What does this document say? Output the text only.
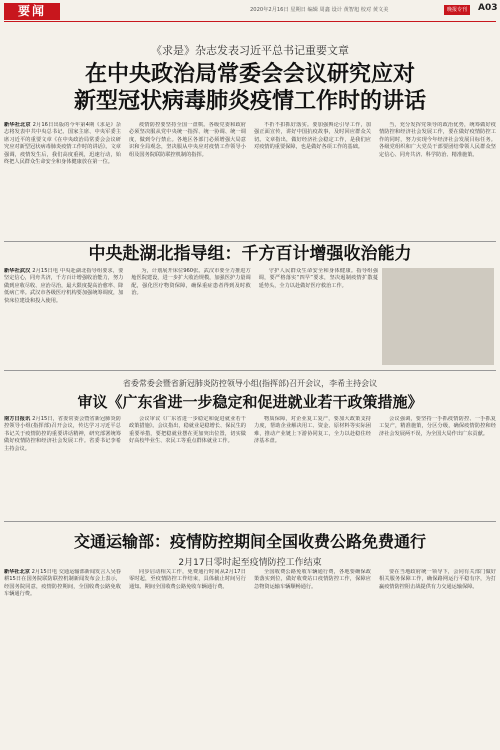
要闻	2020年2月16日 星期日 编辑 周鑫 设计 黄智旭 校对 黄文美	晚报专刊	A03
《求是》杂志发表习近平总书记重要文章
在中央政治局常委会会议研究应对
新型冠状病毒肺炎疫情工作时的讲话

新华社北京 2月16日出版的今年第4期《求是》杂志将发表中共中央总书记、国家主席、中央军委主席习近平的重要文章《在中央政治局常委会会议研究应对新型冠状病毒肺炎疫情工作时的讲话》。文章强调，疫情发生后，我们高度重视，迅速行动，始终把人民群众生命安全和身体健康放在第一位。

疫情防控要坚持全国一盘棋。各级党委和政府必须坚决服从党中央统一指挥、统一协调、统一调度，做到令行禁止。各地区各部门必须增强大局意识和全局观念，坚决服从中央应对疫情工作领导小组及国务院联防联控机制的指挥。

不折不扣抓好落实。要加强舆论引导工作，加强正面宣传，讲好中国抗疫故事，及时回应群众关切。文章指出，做好经济社会稳定工作，是我们应对疫情的重要保障，也是做好各项工作的基础。

当，充分发挥党领导的政治优势，统筹做好疫情防控和经济社会发展工作，要在做好疫情防控工作的同时，努力实现今年经济社会发展目标任务。各级党组织和广大党员干部要团结带领人民群众坚定信心、同舟共济、科学防治、精准施策。

中央赴湖北指导组：千方百计增强收治能力

新华社武汉 2月15日电 中央赴湖北指导组要求，要坚定信心，同舟共济，千方百计增强收治能力，努力做到应收尽收、应治尽治，最大限度提高治愈率、降低病亡率。武汉市各级医疗机构要加强统筹调度，加快床位建设和投入使用。

为，计划展开床位960张。武汉市要全力推进方舱医院建设，进一步扩大收治规模，加强医护力量调配，强化医疗物资保障，确保重症患者得到及时救治。

守护人民群众生命安全和身体健康。指导组强调，要严格落实“四早”要求，坚决遏制疫情扩散蔓延势头，全力以赴做好医疗救治工作。

省委常委会暨省新冠肺炎防控领导小组(指挥部)召开会议，李希主持会议
审议《广东省进一步稳定和促进就业若干政策措施》

南方日报讯 2月15日，省委常委会暨省新冠肺炎防控领导小组(指挥部)召开会议，传达学习习近平总书记关于疫情防控的重要讲话精神，研究部署统筹做好疫情防控和经济社会发展工作。省委书记李希主持会议。

会议审议《广东省进一步稳定和促进就业若干政策措施》。会议指出，稳就业是稳增长、保民生的重要举措，要把稳就业摆在更加突出位置，切实做好高校毕业生、农民工等重点群体就业工作。

物质保障，对企业复工复产，要加大政策支持力度，帮助企业解决用工、资金、原材料等实际困难，推动产业链上下游协同复工，全力以赴稳住经济基本盘。

会议强调，要坚持一手抓疫情防控、一手抓复工复产，精准施策，分区分级，确保疫情防控和经济社会发展两不误，为全国大局作出广东贡献。

交通运输部：疫情防控期间全国收费公路免费通行
2月17日零时起至疫情防控工作结束

新华社北京 2月15日电 交通运输部新闻发言人吴春耕15日在国务院联防联控机制新闻发布会上表示，经国务院同意，疫情防控期间，全国收费公路免收车辆通行费。

同步启动相关工作，免费通行时间从2月17日零时起，至疫情防控工作结束，具体截止时间另行通知。期间全国收费公路免收车辆通行费。

全国收费公路免收车辆通行费，各地要确保政策落实到位，做好收费站口疫情防控工作，保障应急物资运输车辆顺畅通行。

要在当地政府统一领导下，会同有关部门做好相关服务保障工作，确保路网运行平稳有序，为打赢疫情防控阻击战提供有力交通运输保障。
